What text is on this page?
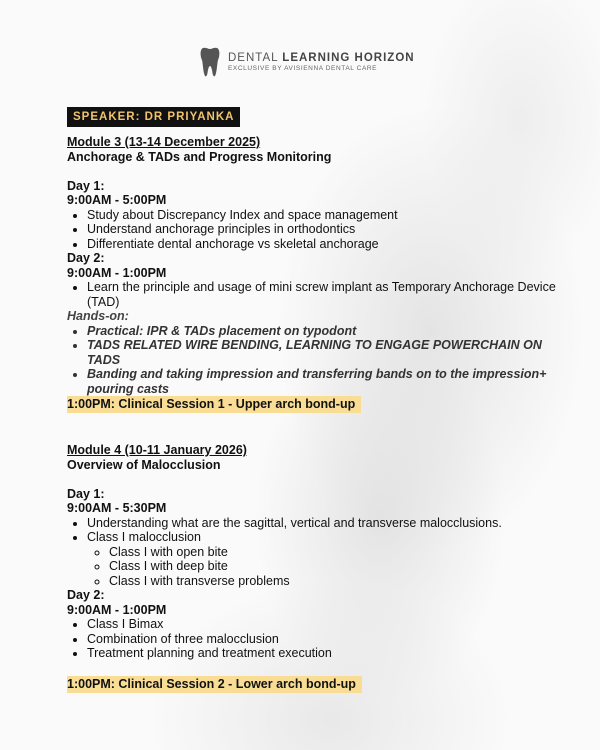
DENTAL LEARNING HORIZON
EXCLUSIVE BY AVISIENNA DENTAL CARE
SPEAKER: DR PRIYANKA
Module 3 (13-14 December 2025)
Anchorage & TADs and Progress Monitoring
Day 1:
9:00AM - 5:00PM
• Study about Discrepancy Index and space management
• Understand anchorage principles in orthodontics
• Differentiate dental anchorage vs skeletal anchorage
Day 2:
9:00AM - 1:00PM
• Learn the principle and usage of mini screw implant as Temporary Anchorage Device (TAD)
Hands-on:
• Practical: IPR & TADs placement on typodont
• TADS RELATED WIRE BENDING, LEARNING TO ENGAGE POWERCHAIN ON TADS
• Banding and taking impression and transferring bands on to the impression+ pouring casts
1:00PM: Clinical Session 1 - Upper arch bond-up
Module 4 (10-11 January 2026)
Overview of Malocclusion
Day 1:
9:00AM - 5:30PM
• Understanding what are the sagittal, vertical and transverse malocclusions.
• Class I malocclusion
◦ Class I with open bite
◦ Class I with deep bite
◦ Class I with transverse problems
Day 2:
9:00AM - 1:00PM
• Class I Bimax
• Combination of three malocclusion
• Treatment planning and treatment execution
1:00PM: Clinical Session 2 - Lower arch bond-up
